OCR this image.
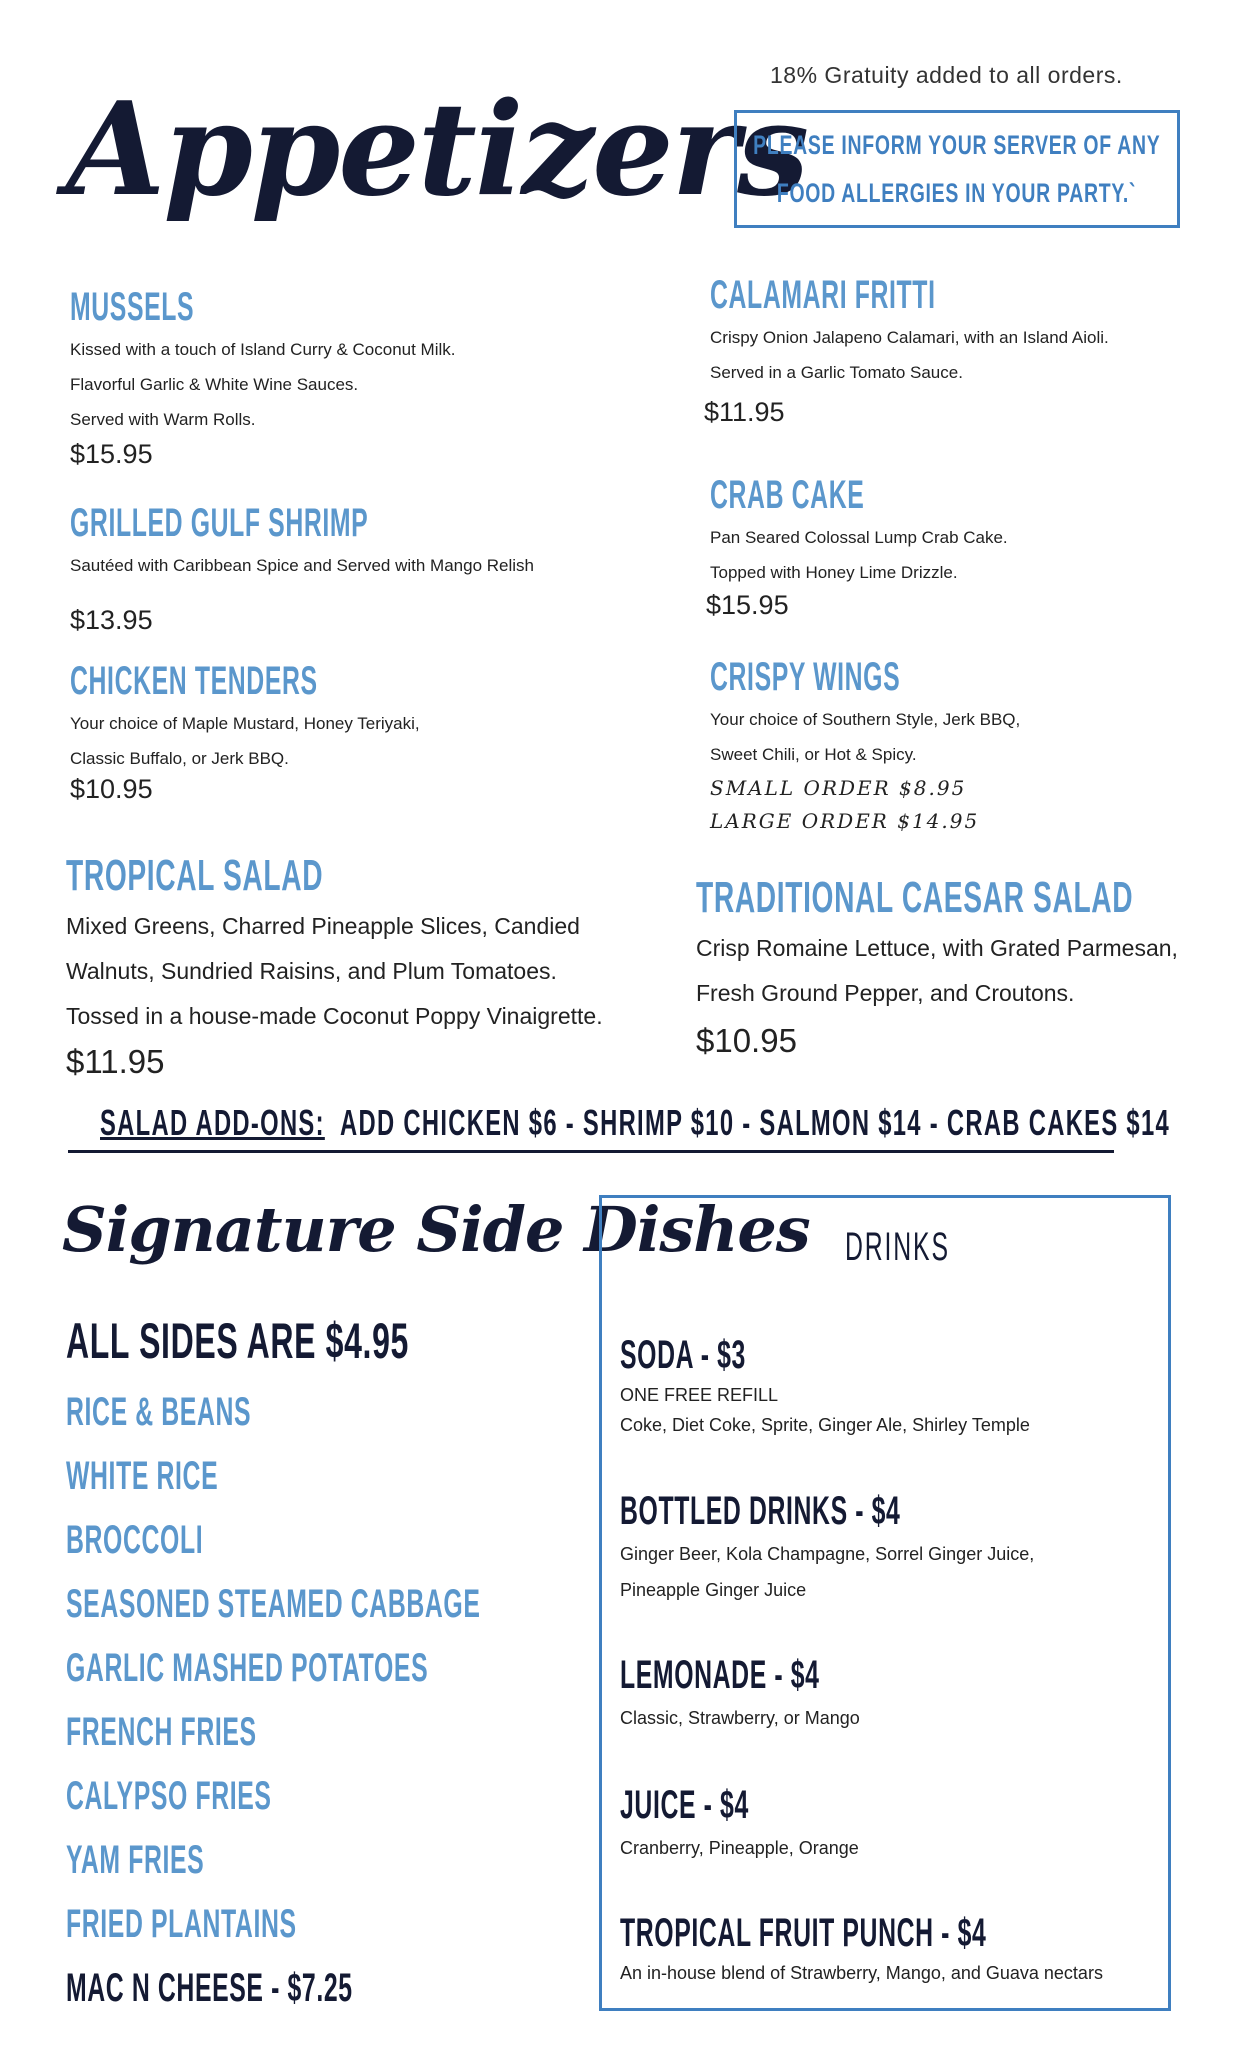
Appetizers
18% Gratuity added to all orders.
PLEASE INFORM YOUR SERVER OF ANY
FOOD ALLERGIES IN YOUR PARTY.`
MUSSELS
Kissed with a touch of Island Curry & Coconut Milk.
Flavorful Garlic & White Wine Sauces.
Served with Warm Rolls.
$15.95
GRILLED GULF SHRIMP
Sautéed with Caribbean Spice and Served with Mango Relish
$13.95
CHICKEN TENDERS
Your choice of Maple Mustard, Honey Teriyaki,
Classic Buffalo, or Jerk BBQ.
$10.95
CALAMARI FRITTI
Crispy Onion Jalapeno Calamari, with an Island Aioli.
Served in a Garlic Tomato Sauce.
$11.95
CRAB CAKE
Pan Seared Colossal Lump Crab Cake.
Topped with Honey Lime Drizzle.
$15.95
CRISPY WINGS
Your choice of Southern Style, Jerk BBQ,
Sweet Chili, or Hot & Spicy.
SMALL ORDER $8.95
LARGE ORDER $14.95
TROPICAL SALAD
Mixed Greens, Charred Pineapple Slices, Candied
Walnuts, Sundried Raisins, and Plum Tomatoes.
Tossed in a house-made Coconut Poppy Vinaigrette.
$11.95
TRADITIONAL CAESAR SALAD
Crisp Romaine Lettuce, with Grated Parmesan,
Fresh Ground Pepper, and Croutons.
$10.95
SALAD ADD-ONS: ADD CHICKEN $6 - SHRIMP $10 - SALMON $14 - CRAB CAKES $14
Signature Side Dishes
ALL SIDES ARE $4.95
RICE & BEANS
WHITE RICE
BROCCOLI
SEASONED STEAMED CABBAGE
GARLIC MASHED POTATOES
FRENCH FRIES
CALYPSO FRIES
YAM FRIES
FRIED PLANTAINS
MAC N CHEESE - $7.25
DRINKS
SODA - $3
ONE FREE REFILL
Coke, Diet Coke, Sprite, Ginger Ale, Shirley Temple
BOTTLED DRINKS - $4
Ginger Beer, Kola Champagne, Sorrel Ginger Juice,
Pineapple Ginger Juice
LEMONADE - $4
Classic, Strawberry, or Mango
JUICE - $4
Cranberry, Pineapple, Orange
TROPICAL FRUIT PUNCH - $4
An in-house blend of Strawberry, Mango, and Guava nectars
